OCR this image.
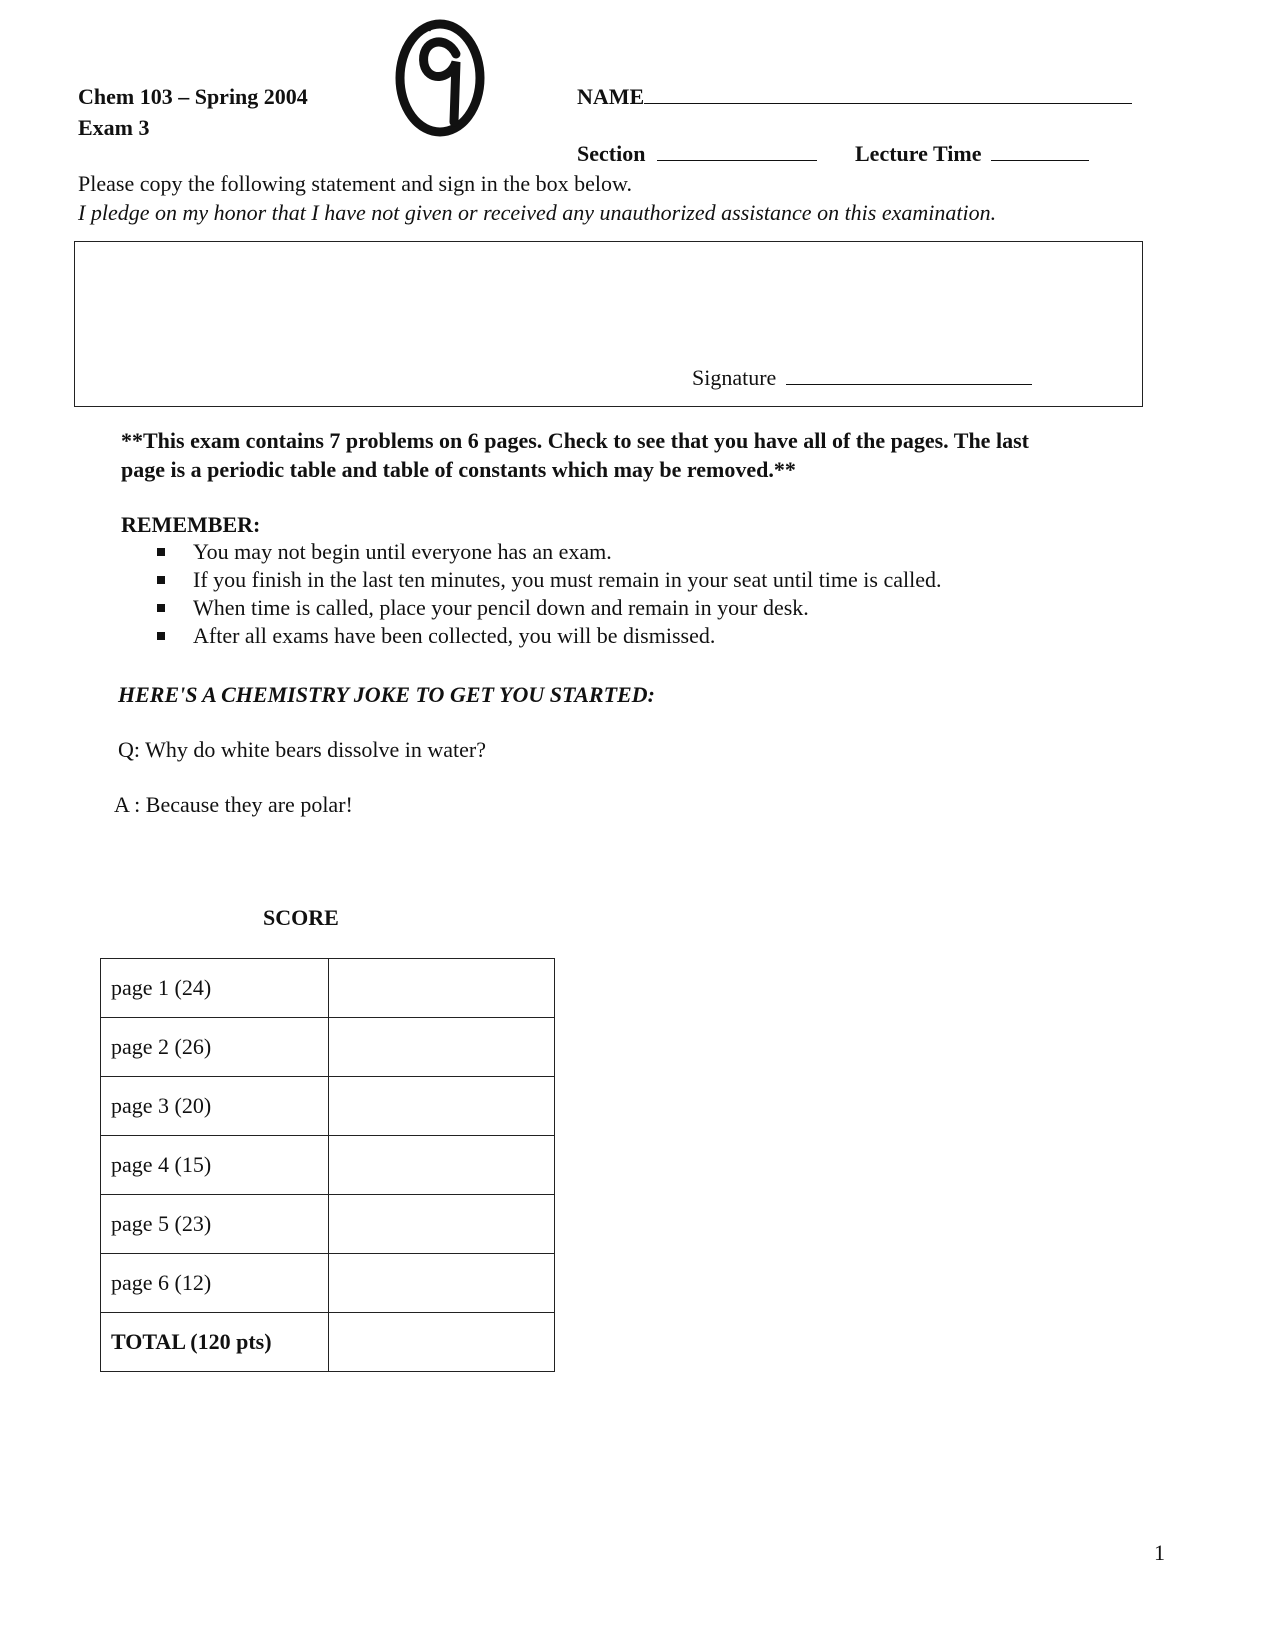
Chem 103 – Spring 2004
Exam 3
NAME
Section	Lecture Time
Please copy the following statement and sign in the box below.
I pledge on my honor that I have not given or received any unauthorized assistance on this examination.
Signature
**This exam contains 7 problems on 6 pages. Check to see that you have all of the pages. The last
page is a periodic table and table of constants which may be removed.**
REMEMBER:
You may not begin until everyone has an exam.
If you finish in the last ten minutes, you must remain in your seat until time is called.
When time is called, place your pencil down and remain in your desk.
After all exams have been collected, you will be dismissed.
HERE'S A CHEMISTRY JOKE TO GET YOU STARTED:
Q: Why do white bears dissolve in water?
A : Because they are polar!
SCORE
page 1 (24)	
page 2 (26)	
page 3 (20)	
page 4 (15)	
page 5 (23)	
page 6 (12)	
TOTAL (120 pts)	
1
